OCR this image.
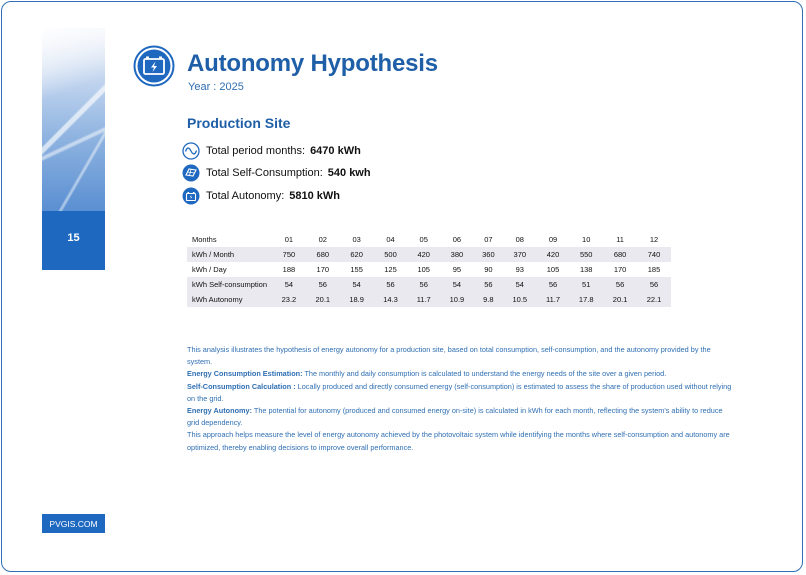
15
PVGIS.COM
Autonomy Hypothesis
Year : 2025
Production Site
Total period months: 6470 kWh
Total Self-Consumption: 540 kwh
Total Autonomy: 5810 kWh
Months	01	02	03	04	05	06	07	08	09	10	11	12
kWh / Month	750	680	620	500	420	380	360	370	420	550	680	740
kWh / Day	188	170	155	125	105	95	90	93	105	138	170	185
kWh Self-consumption	54	56	54	56	56	54	56	54	56	51	56	56
kWh Autonomy	23.2	20.1	18.9	14.3	11.7	10.9	9.8	10.5	11.7	17.8	20.1	22.1

This analysis illustrates the hypothesis of energy autonomy for a production site, based on total consumption, self-consumption, and the autonomy provided by the system.

Energy Consumption Estimation: The monthly and daily consumption is calculated to understand the energy needs of the site over a given period.

Self-Consumption Calculation : Locally produced and directly consumed energy (self-consumption) is estimated to assess the share of production used without relying on the grid.

Energy Autonomy: The potential for autonomy (produced and consumed energy on-site) is calculated in kWh for each month, reflecting the system's ability to reduce grid dependency.

This approach helps measure the level of energy autonomy achieved by the photovoltaic system while identifying the months where self-consumption and autonomy are optimized, thereby enabling decisions to improve overall performance.
